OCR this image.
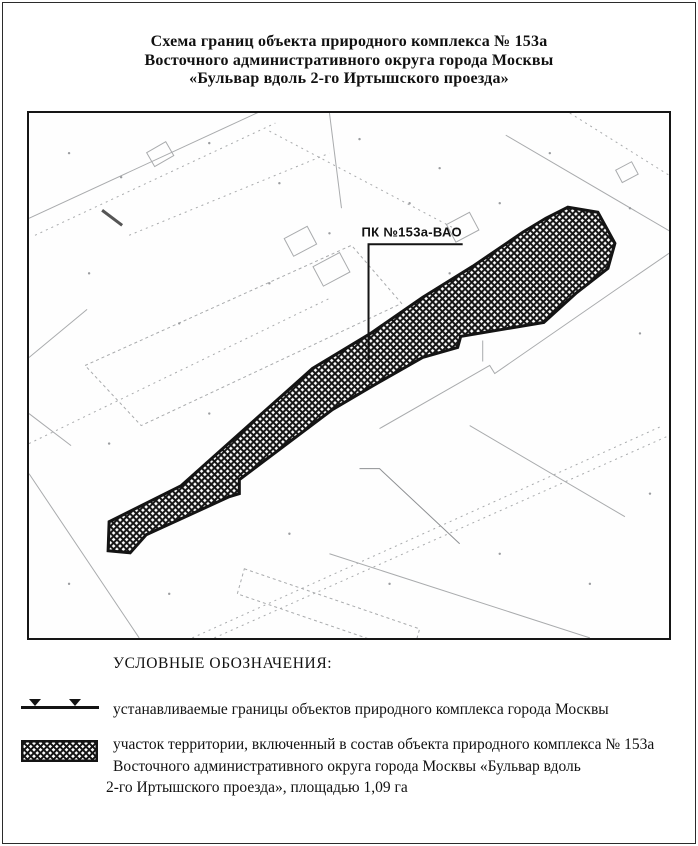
Схема границ объекта природного комплекса № 153а
Восточного административного округа города Москвы
«Бульвар вдоль 2-го Иртышского проезда»
ПК №153а-ВАО
УСЛОВНЫЕ ОБОЗНАЧЕНИЯ:
устанавливаемые границы объектов природного комплекса города Москвы
участок территории, включенный в состав объекта природного комплекса № 153а
Восточного административного округа города Москвы «Бульвар вдоль
2-го Иртышского проезда», площадью 1,09 га
